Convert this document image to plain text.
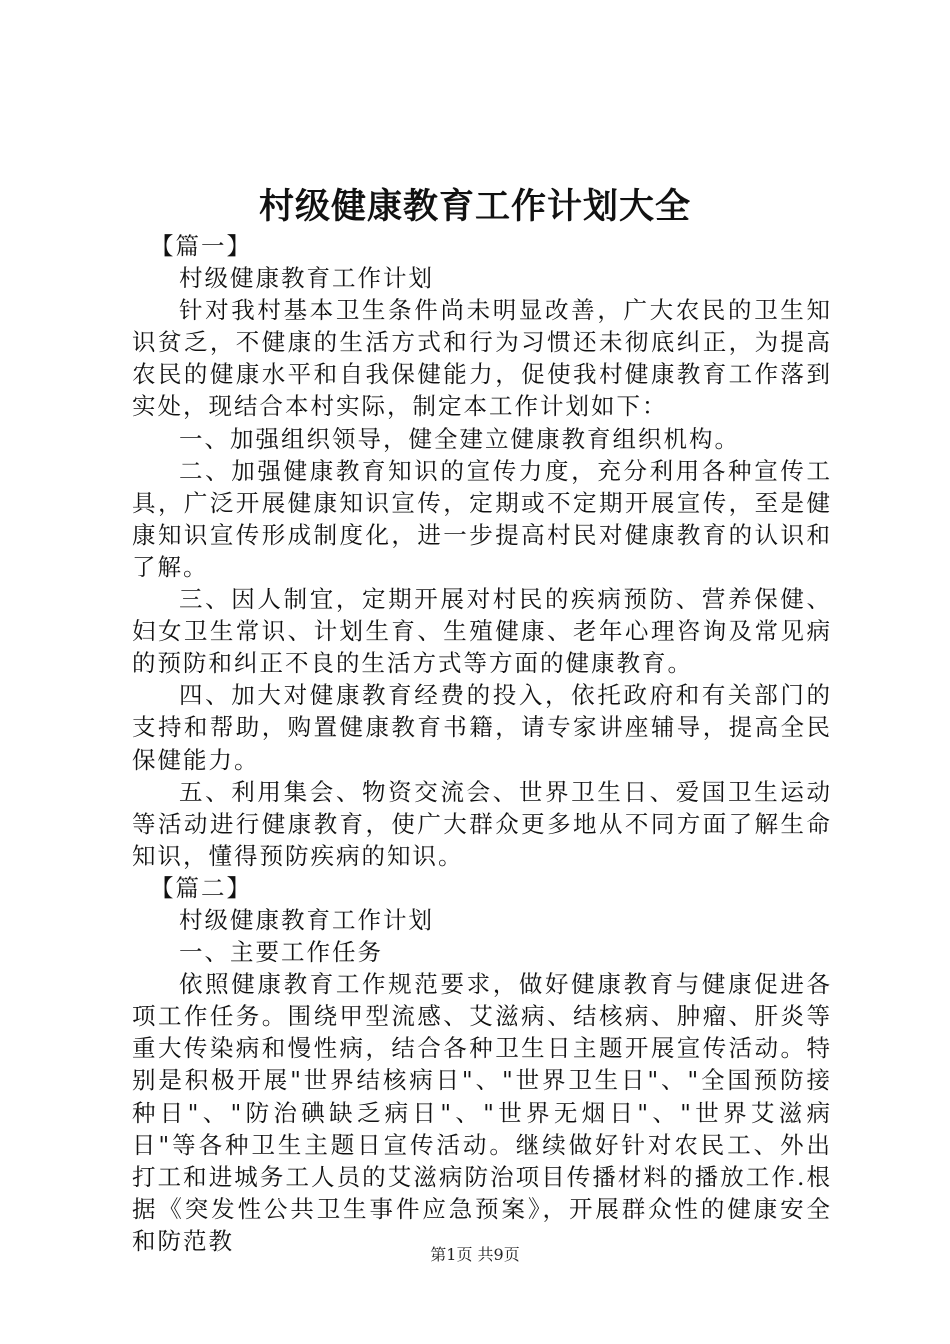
村级健康教育工作计划大全

【篇一】

村级健康教育工作计划

针对我村基本卫生条件尚未明显改善，广大农民的卫生知识贫乏，不健康的生活方式和行为习惯还未彻底纠正，为提高农民的健康水平和自我保健能力，促使我村健康教育工作落到实处，现结合本村实际，制定本工作计划如下：

一、加强组织领导，健全建立健康教育组织机构。

二、加强健康教育知识的宣传力度，充分利用各种宣传工具，广泛开展健康知识宣传，定期或不定期开展宣传，至是健康知识宣传形成制度化，进一步提高村民对健康教育的认识和了解。

三、因人制宜，定期开展对村民的疾病预防、营养保健、妇女卫生常识、计划生育、生殖健康、老年心理咨询及常见病的预防和纠正不良的生活方式等方面的健康教育。

四、加大对健康教育经费的投入，依托政府和有关部门的支持和帮助，购置健康教育书籍，请专家讲座辅导，提高全民保健能力。

五、利用集会、物资交流会、世界卫生日、爱国卫生运动等活动进行健康教育，使广大群众更多地从不同方面了解生命知识，懂得预防疾病的知识。

【篇二】

村级健康教育工作计划

一、主要工作任务

依照健康教育工作规范要求，做好健康教育与健康促进各项工作任务。围绕甲型流感、艾滋病、结核病、肿瘤、肝炎等重大传染病和慢性病，结合各种卫生日主题开展宣传活动。特别是积极开展"世界结核病日"、"世界卫生日"、"全国预防接种日"、"防治碘缺乏病日"、"世界无烟日"、"世界艾滋病日"等各种卫生主题日宣传活动。继续做好针对农民工、外出打工和进城务工人员的艾滋病防治项目传播材料的播放工作.根据《突发性公共卫生事件应急预案》，开展群众性的健康安全和防范教	第1页 共9页
